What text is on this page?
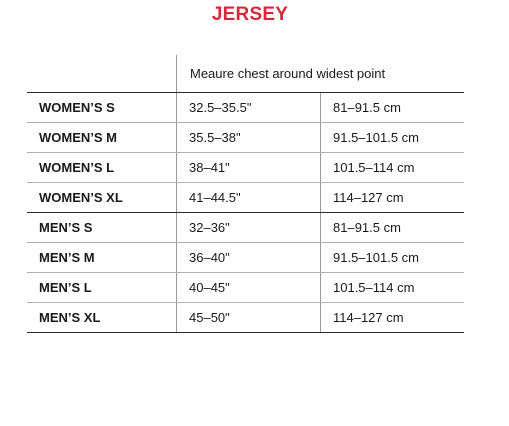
JERSEY
	Meaure chest around widest point	
WOMEN’S S	32.5–35.5"	81–91.5 cm
WOMEN’S M	35.5–38"	91.5–101.5 cm
WOMEN’S L	38–41"	101.5–114 cm
WOMEN’S XL	41–44.5"	114–127 cm
MEN’S S	32–36"	81–91.5 cm
MEN’S M	36–40"	91.5–101.5 cm
MEN’S L	40–45"	101.5–114 cm
MEN’S XL	45–50"	114–127 cm
